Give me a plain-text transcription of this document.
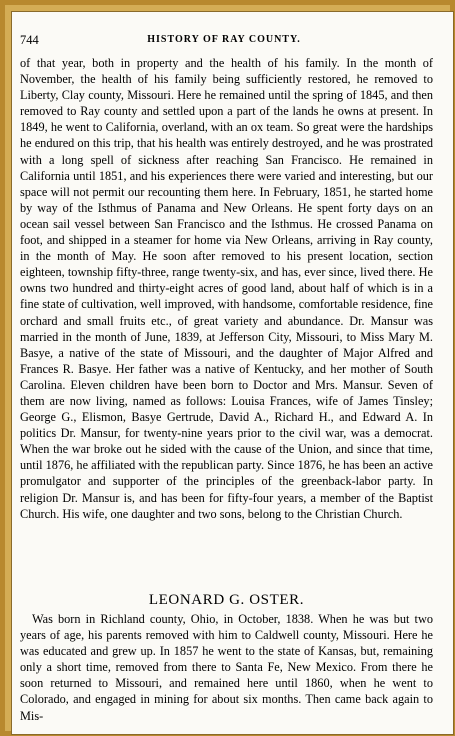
744	HISTORY OF RAY COUNTY.

of that year, both in property and the health of his family. In the month of November, the health of his family being sufficiently restored, he removed to Liberty, Clay county, Missouri. Here he remained until the spring of 1845, and then removed to Ray county and settled upon a part of the lands he owns at present. In 1849, he went to California, overland, with an ox team. So great were the hardships he endured on this trip, that his health was entirely destroyed, and he was prostrated with a long spell of sickness after reaching San Francisco. He remained in California until 1851, and his experiences there were varied and interesting, but our space will not permit our recounting them here. In February, 1851, he started home by way of the Isthmus of Panama and New Orleans. He spent forty days on an ocean sail vessel between San Francisco and the Isthmus. He crossed Panama on foot, and shipped in a steamer for home via New Orleans, arriving in Ray county, in the month of May. He soon after removed to his present location, section eighteen, township fifty-three, range twenty-six, and has, ever since, lived there. He owns two hundred and thirty-eight acres of good land, about half of which is in a fine state of cultivation, well improved, with handsome, comfortable residence, fine orchard and small fruits etc., of great variety and abundance. Dr. Mansur was married in the month of June, 1839, at Jefferson City, Missouri, to Miss Mary M. Basye, a native of the state of Missouri, and the daughter of Major Alfred and Frances R. Basye. Her father was a native of Kentucky, and her mother of South Carolina. Eleven children have been born to Doctor and Mrs. Mansur. Seven of them are now living, named as follows: Louisa Frances, wife of James Tinsley; George G., Elismon, Basye Gertrude, David A., Richard H., and Edward A. In politics Dr. Mansur, for twenty-nine years prior to the civil war, was a democrat. When the war broke out he sided with the cause of the Union, and since that time, until 1876, he affiliated with the republican party. Since 1876, he has been an active promulgator and supporter of the principles of the greenback-labor party. In religion Dr. Mansur is, and has been for fifty-four years, a member of the Baptist Church. His wife, one daughter and two sons, belong to the Christian Church.

LEONARD G. OSTER.

Was born in Richland county, Ohio, in October, 1838. When he was but two years of age, his parents removed with him to Caldwell county, Missouri. Here he was educated and grew up. In 1857 he went to the state of Kansas, but, remaining only a short time, removed from there to Santa Fe, New Mexico. From there he soon returned to Missouri, and remained here until 1860, when he went to Colorado, and engaged in mining for about six months. Then came back again to Mis-
